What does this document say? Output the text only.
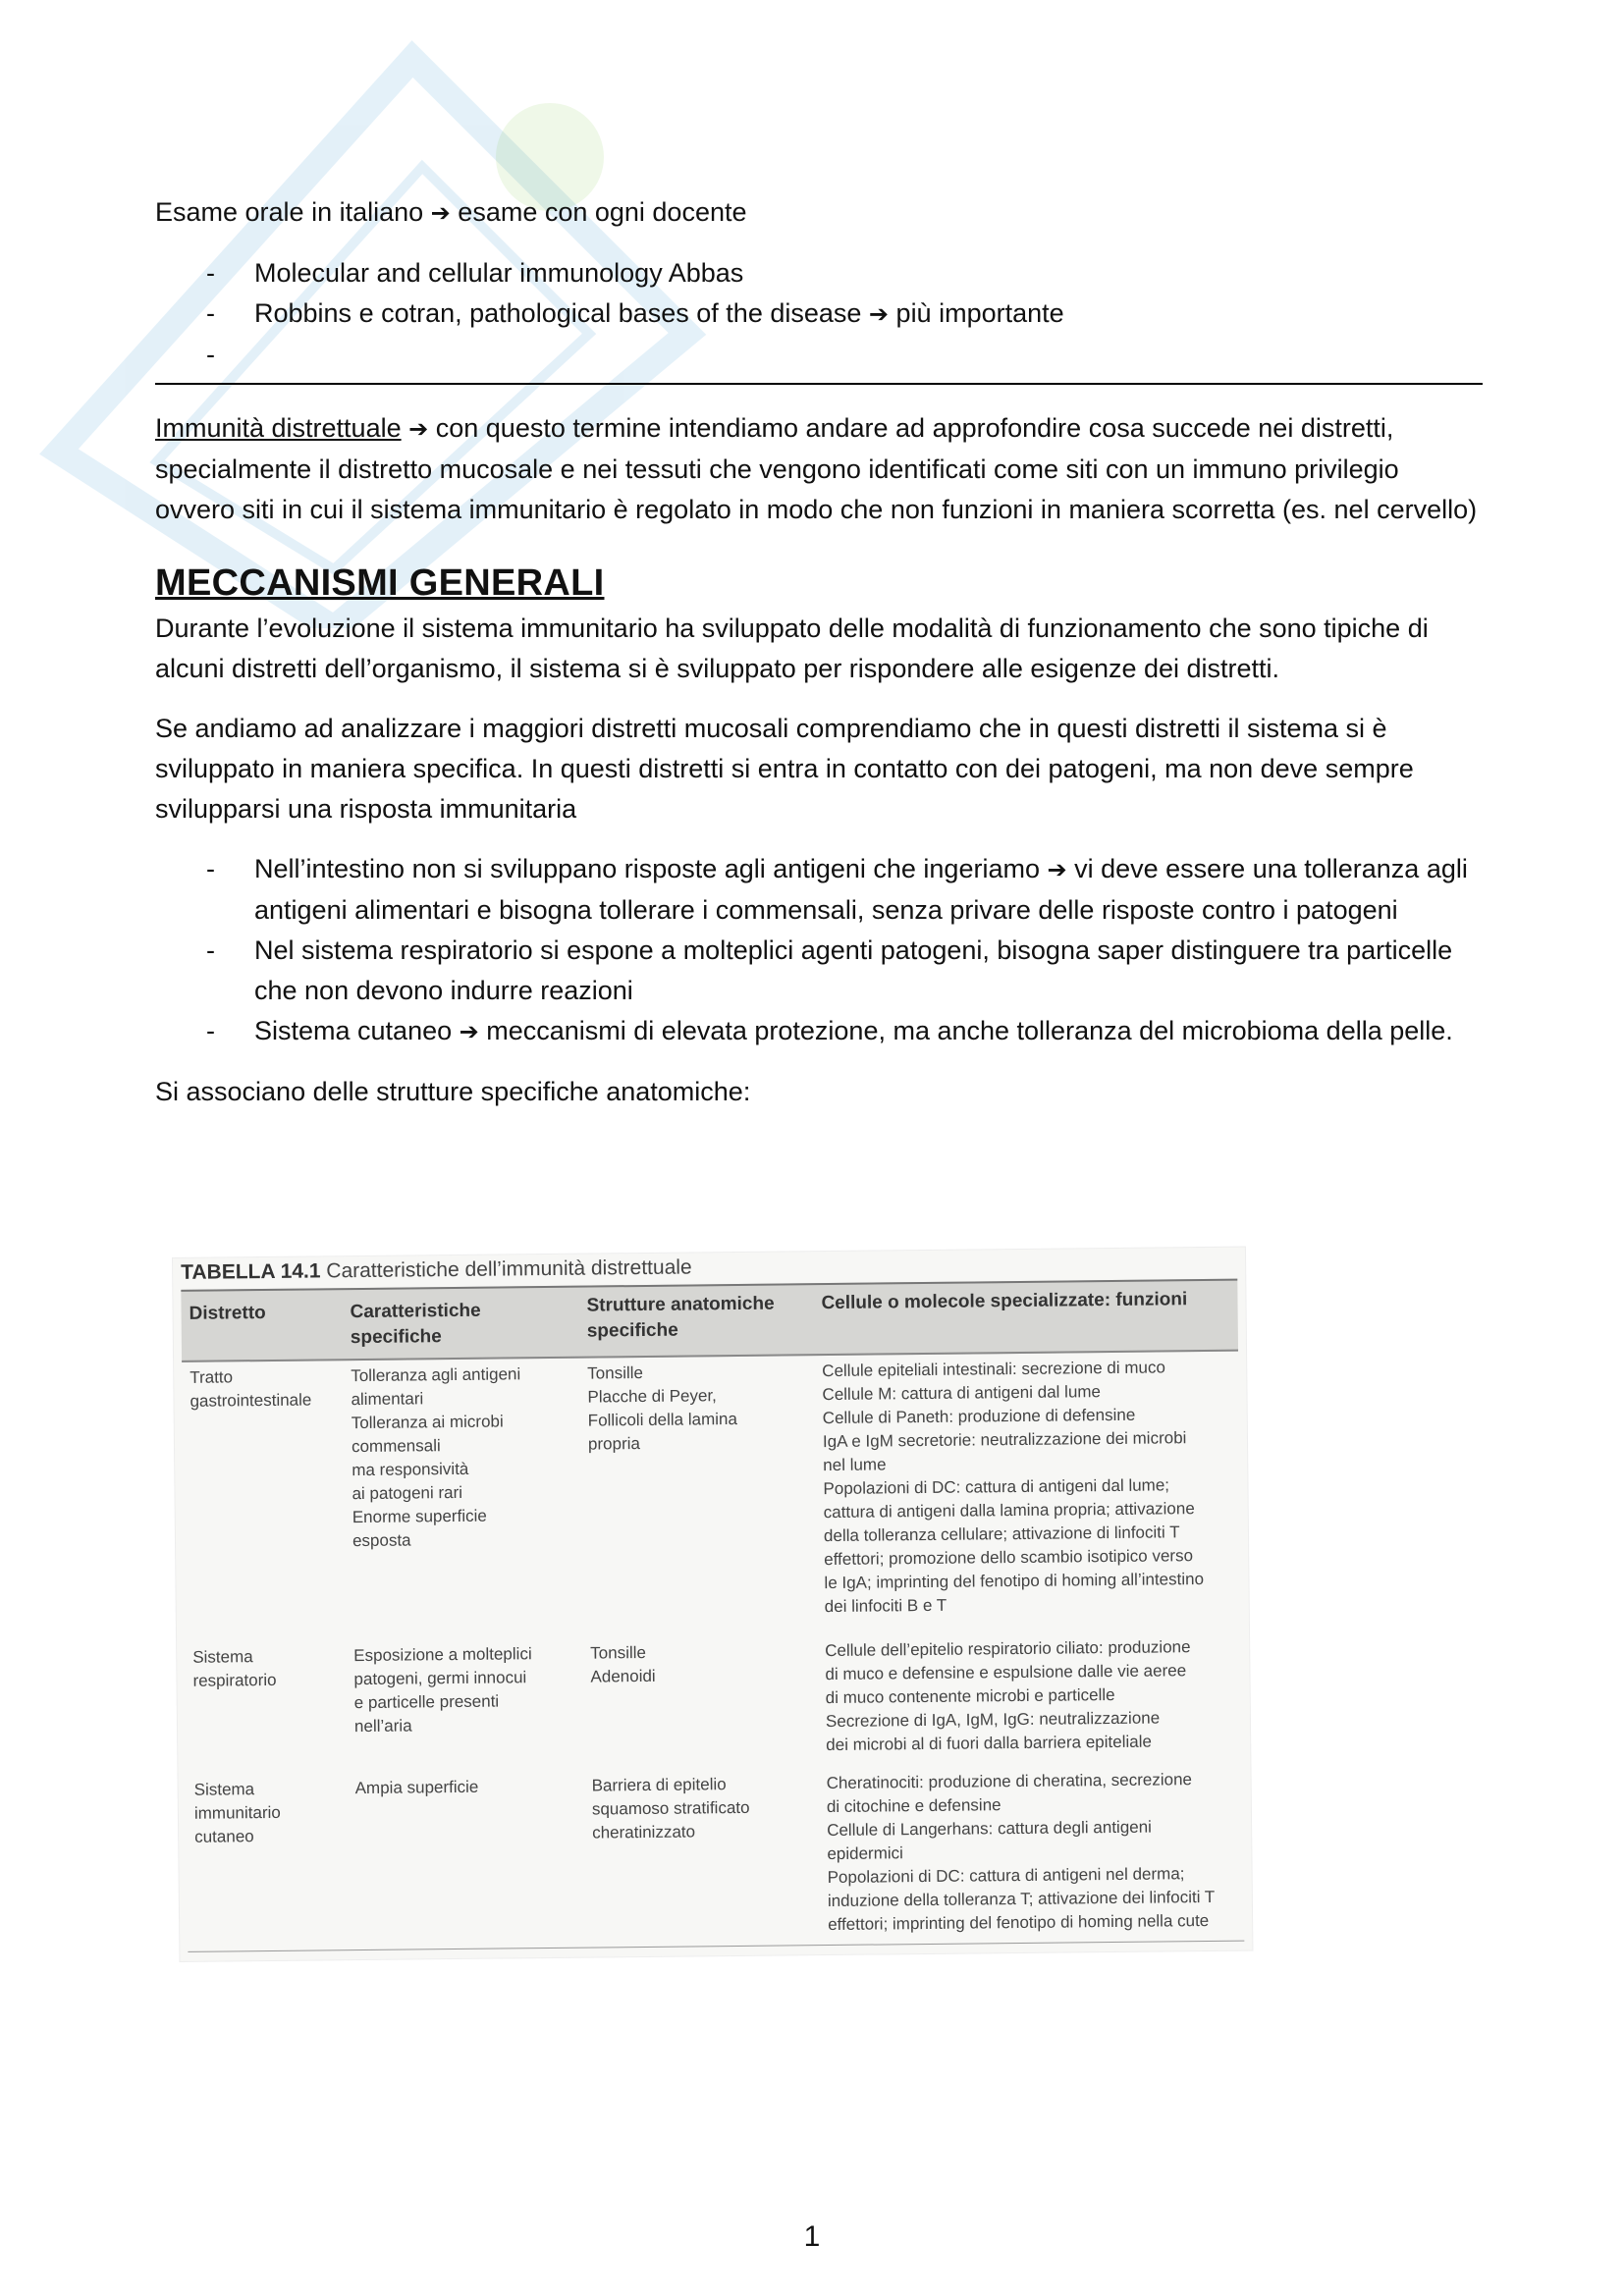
Esame orale in italiano ➔ esame con ogni docente

- Molecular and cellular immunology Abbas
- Robbins e cotran, pathological bases of the disease ➔ più importante
-

Immunità distrettuale ➔ con questo termine intendiamo andare ad approfondire cosa succede nei distretti, specialmente il distretto mucosale e nei tessuti che vengono identificati come siti con un immuno privilegio ovvero siti in cui il sistema immunitario è regolato in modo che non funzioni in maniera scorretta (es. nel cervello)

MECCANISMI GENERALI

Durante l’evoluzione il sistema immunitario ha sviluppato delle modalità di funzionamento che sono tipiche di alcuni distretti dell’organismo, il sistema si è sviluppato per rispondere alle esigenze dei distretti.

Se andiamo ad analizzare i maggiori distretti mucosali comprendiamo che in questi distretti il sistema si è sviluppato in maniera specifica. In questi distretti si entra in contatto con dei patogeni, ma non deve sempre svilupparsi una risposta immunitaria

- Nell’intestino non si sviluppano risposte agli antigeni che ingeriamo ➔ vi deve essere una tolleranza agli antigeni alimentari e bisogna tollerare i commensali, senza privare delle risposte contro i patogeni
- Nel sistema respiratorio si espone a molteplici agenti patogeni, bisogna saper distinguere tra particelle che non devono indurre reazioni
- Sistema cutaneo ➔ meccanismi di elevata protezione, ma anche tolleranza del microbioma della pelle.

Si associano delle strutture specifiche anatomiche:

TABELLA 14.1 Caratteristiche dell’immunità distrettuale
Distretto	Caratteristiche
specifiche
Strutture anatomiche
specifiche
Cellule o molecole specializzate: funzioni
Tratto
gastrointestinale
Tolleranza agli antigeni
alimentari
Tolleranza ai microbi
commensali
ma responsività
ai patogeni rari
Enorme superficie
esposta
Tonsille
Placche di Peyer,
Follicoli della lamina
propria
Cellule epiteliali intestinali: secrezione di muco
Cellule M: cattura di antigeni dal lume
Cellule di Paneth: produzione di defensine
IgA e IgM secretorie: neutralizzazione dei microbi
nel lume
Popolazioni di DC: cattura di antigeni dal lume;
cattura di antigeni dalla lamina propria; attivazione
della tolleranza cellulare; attivazione di linfociti T
effettori; promozione dello scambio isotipico verso
le IgA; imprinting del fenotipo di homing all’intestino
dei linfociti B e T
Sistema
respiratorio
Esposizione a molteplici
patogeni, germi innocui
e particelle presenti
nell’aria
Tonsille
Adenoidi
Cellule dell’epitelio respiratorio ciliato: produzione
di muco e defensine e espulsione dalle vie aeree
di muco contenente microbi e particelle
Secrezione di IgA, IgM, IgG: neutralizzazione
dei microbi al di fuori dalla barriera epiteliale
Sistema
immunitario
cutaneo
Ampia superficie	Barriera di epitelio
squamoso stratificato
cheratinizzato
Cheratinociti: produzione di cheratina, secrezione
di citochine e defensine
Cellule di Langerhans: cattura degli antigeni
epidermici
Popolazioni di DC: cattura di antigeni nel derma;
induzione della tolleranza T; attivazione dei linfociti T
effettori; imprinting del fenotipo di homing nella cute
1
